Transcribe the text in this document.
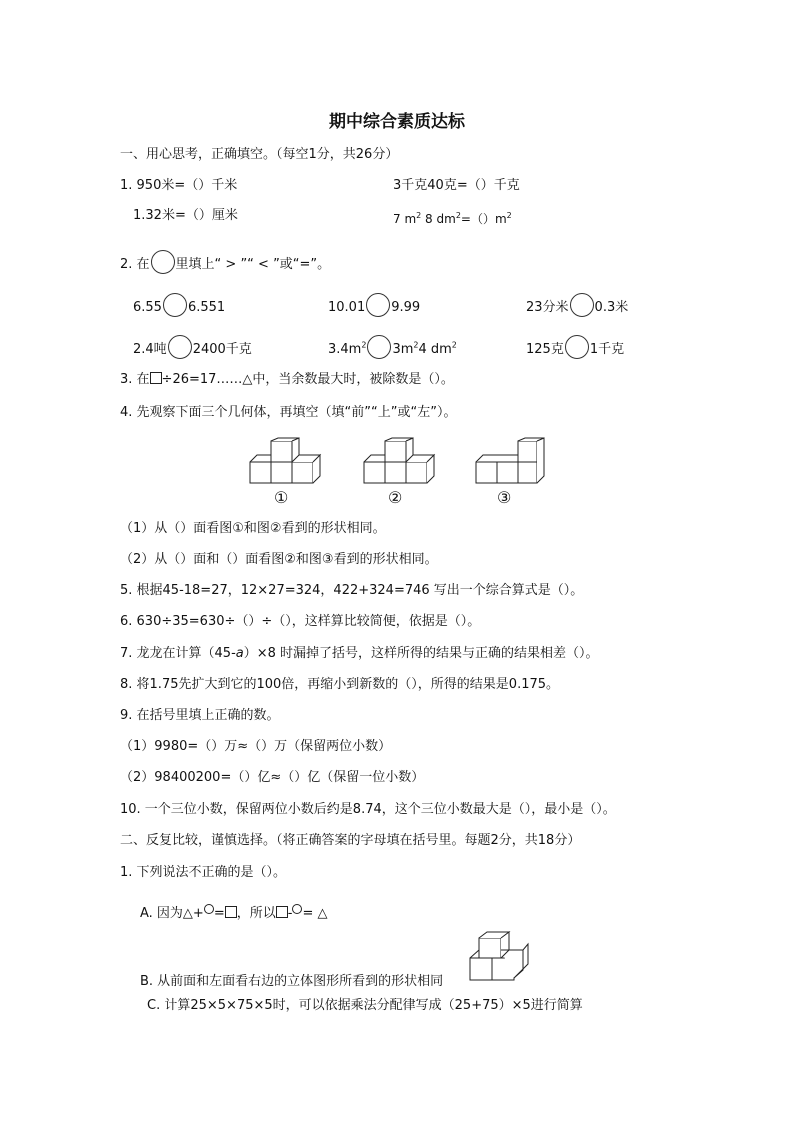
期中综合素质达标
一、用心思考，正确填空。（每空1分，共26分）
1. 950米=（）千米	3千克40克=（）千克
1.32米=（）厘米	7 $m^2$ 8 $dm^2=()m^2$
2. 在 里填上“ > ”“ < ”或“=”。
6.55 6.551	10.01 9.99	23分米 0.3米
2.4吨 2400千克	$3.4m^2$ $3m^24$ $dm^2$	125克 1千克
3. 在 ÷26=17……△中，当余数最大时，被除数是（）。
4. 先观察下面三个几何体，再填空（填“前”“上”或“左”）。
①	②	③
（1）从（）面看图①和图②看到的形状相同。
（2）从（）面和（）面看图②和图③看到的形状相同。
5. 根据45-18=27，12×27=324，422+324=746 写出一个综合算式是（）。
6. 630÷35=630÷（）÷（），这样算比较简便，依据是（）。
7. 龙龙在计算（45-a）×8 时漏掉了括号，这样所得的结果与正确的结果相差（）。
8. 将1.75先扩大到它的100倍，再缩小到新数的（），所得的结果是0.175。
9. 在括号里填上正确的数。
（1）9980=（）万≈（）万（保留两位小数）
（2）98400200=（）亿≈（）亿（保留一位小数）
10. 一个三位小数，保留两位小数后约是8.74，这个三位小数最大是（），最小是（）。
二、反复比较，谨慎选择。（将正确答案的字母填在括号里。每题2分，共18分）
1. 下列说法不正确的是（）。
A. 因为△+ = ，所以 - = △
B. 从前面和左面看右边的立体图形所看到的形状相同
C. 计算25×5×75×5时，可以依据乘法分配律写成（25+75）×5进行简算
